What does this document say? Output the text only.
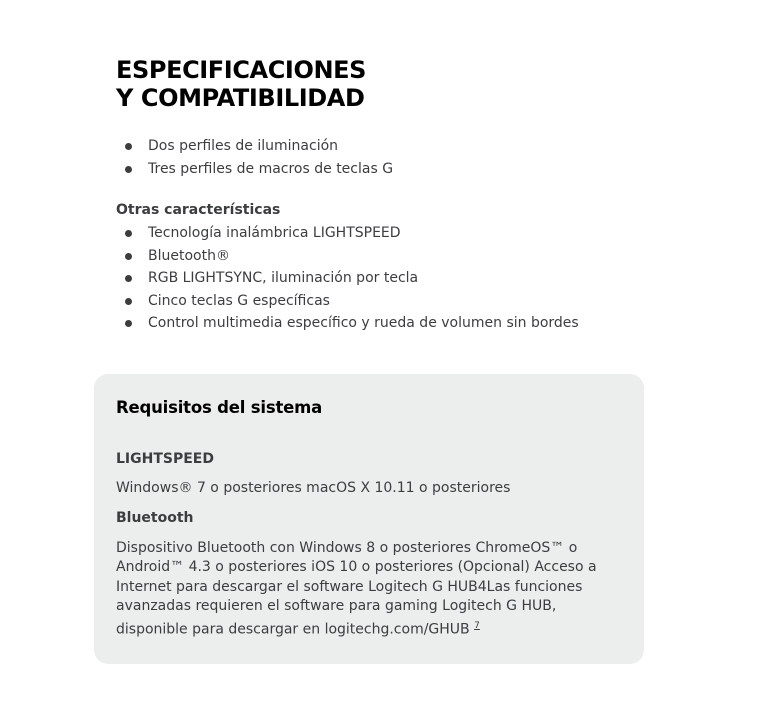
ESPECIFICACIONES
Y COMPATIBILIDAD
Dos perfiles de iluminación
Tres perfiles de macros de teclas G
Otras características
Tecnología inalámbrica LIGHTSPEED
Bluetooth®
RGB LIGHTSYNC, iluminación por tecla
Cinco teclas G específicas
Control multimedia específico y rueda de volumen sin bordes
Requisitos del sistema

LIGHTSPEED

Windows® 7 o posteriores macOS X 10.11 o posteriores

Bluetooth

Dispositivo Bluetooth con Windows 8 o posteriores ChromeOS™ o Android™ 4.3 o posteriores iOS 10 o posteriores (Opcional) Acceso a Internet para descargar el software Logitech G HUB4Las funciones avanzadas requieren el software para gaming Logitech G HUB, disponible para descargar en logitechg.com/GHUB $^7$
